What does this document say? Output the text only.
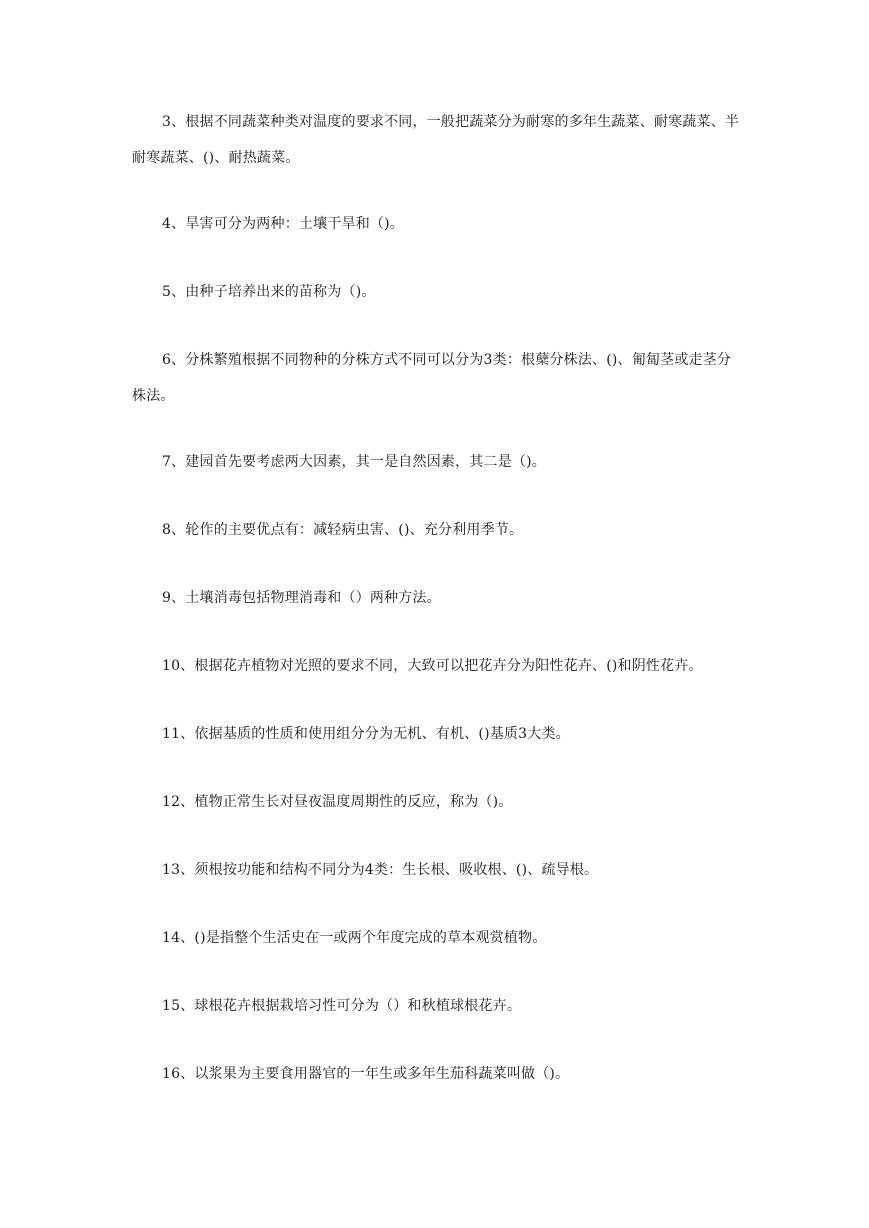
3、根据不同蔬菜种类对温度的要求不同，一般把蔬菜分为耐寒的多年生蔬菜、耐寒蔬菜、半耐寒蔬菜、()、耐热蔬菜。

4、旱害可分为两种：土壤干旱和（)。

5、由种子培养出来的苗称为（)。

6、分株繁殖根据不同物种的分株方式不同可以分为3类：根蘖分株法、()、匍匐茎或走茎分株法。

7、建园首先要考虑两大因素，其一是自然因素，其二是（)。

8、轮作的主要优点有：减轻病虫害、()、充分利用季节。

9、土壤消毒包括物理消毒和（）两种方法。

10、根据花卉植物对光照的要求不同，大致可以把花卉分为阳性花卉、()和阴性花卉。

11、依据基质的性质和使用组分分为无机、有机、()基质3大类。

12、植物正常生长对昼夜温度周期性的反应，称为（)。

13、须根按功能和结构不同分为4类：生长根、吸收根、()、疏导根。

14、()是指整个生活史在一或两个年度完成的草本观赏植物。

15、球根花卉根据栽培习性可分为（）和秋植球根花卉。

16、以浆果为主要食用器官的一年生或多年生茄科蔬菜叫做（)。
